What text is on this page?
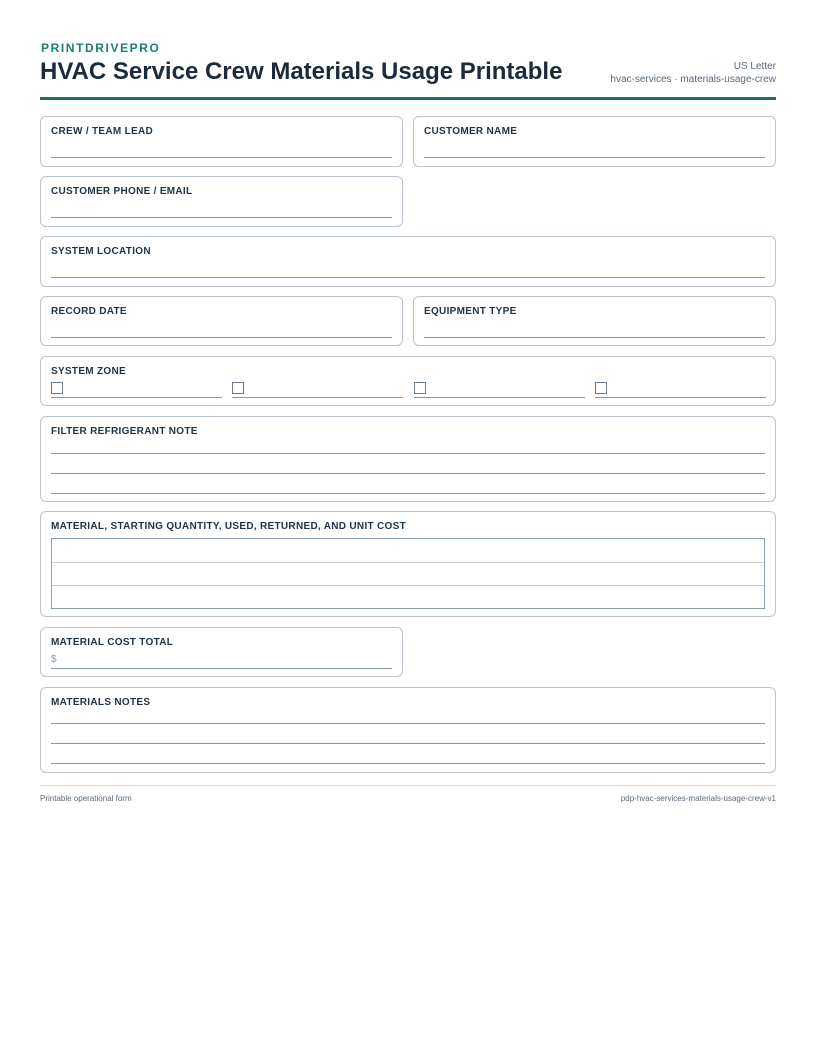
PRINTDRIVEPRO
HVAC Service Crew Materials Usage Printable	US Letter
hvac-services · materials-usage-crew
CREW / TEAM LEAD	CUSTOMER NAME
CUSTOMER PHONE / EMAIL
SYSTEM LOCATION
RECORD DATE	EQUIPMENT TYPE
SYSTEM ZONE
FILTER REFRIGERANT NOTE
MATERIAL, STARTING QUANTITY, USED, RETURNED, AND UNIT COST
MATERIAL COST TOTAL
$
MATERIALS NOTES
Printable operational form	pdp-hvac-services-materials-usage-crew-v1
